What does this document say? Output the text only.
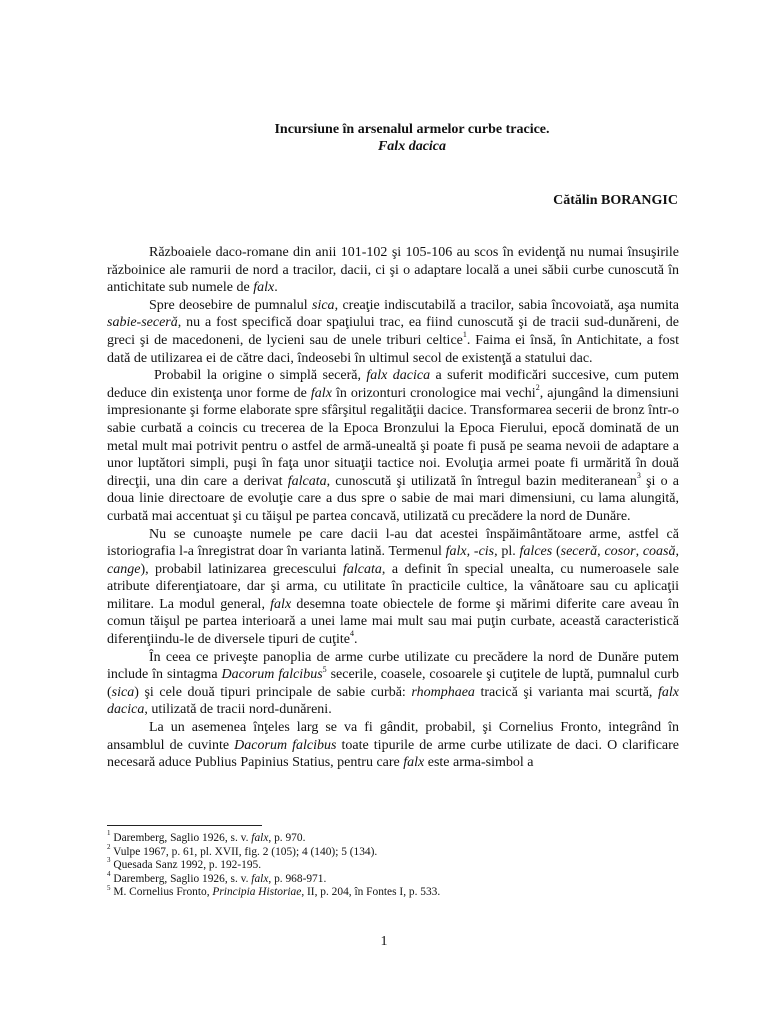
Incursiune în arsenalul armelor curbe tracice.
Falx dacica
Cătălin BORANGIC

Războaiele daco-romane din anii 101-102 şi 105-106 au scos în evidenţă nu numai însuşirile războinice ale ramurii de nord a tracilor, dacii, ci şi o adaptare locală a unei săbii curbe cunoscută în antichitate sub numele de falx.

Spre deosebire de pumnalul sica, creaţie indiscutabilă a tracilor, sabia încovoiată, aşa numita sabie-seceră, nu a fost specifică doar spaţiului trac, ea fiind cunoscută şi de tracii sud-dunăreni, de greci şi de macedoneni, de lycieni sau de unele triburi celtice$^1$. Faima ei însă, în Antichitate, a fost dată de utilizarea ei de către daci, îndeosebi în ultimul secol de existenţă a statului dac.

Probabil la origine o simplă seceră, falx dacica a suferit modificări succesive, cum putem deduce din existenţa unor forme de falx în orizonturi cronologice mai vechi$^2$, ajungând la dimensiuni impresionante şi forme elaborate spre sfârşitul regalităţii dacice. Transformarea secerii de bronz într-o sabie curbată a coincis cu trecerea de la Epoca Bronzului la Epoca Fierului, epocă dominată de un metal mult mai potrivit pentru o astfel de armă-unealtă şi poate fi pusă pe seama nevoii de adaptare a unor luptători simpli, puşi în faţa unor situaţii tactice noi. Evoluţia armei poate fi urmărită în două direcţii, una din care a derivat falcata, cunoscută şi utilizată în întregul bazin mediteranean$^3$ şi o a doua linie directoare de evoluţie care a dus spre o sabie de mai mari dimensiuni, cu lama alungită, curbată mai accentuat şi cu tăişul pe partea concavă, utilizată cu precădere la nord de Dunăre.

Nu se cunoaşte numele pe care dacii l-au dat acestei înspăimântătoare arme, astfel că istoriografia l-a înregistrat doar în varianta latină. Termenul falx, -cis, pl. falces (seceră, cosor, coasă, cange), probabil latinizarea grecescului falcata, a definit în special unealta, cu numeroasele sale atribute diferenţiatoare, dar şi arma, cu utilitate în practicile cultice, la vânătoare sau cu aplicaţii militare. La modul general, falx desemna toate obiectele de forme şi mărimi diferite care aveau în comun tăişul pe partea interioară a unei lame mai mult sau mai puţin curbate, această caracteristică diferenţiindu-le de diversele tipuri de cuţite$^4$.

În ceea ce priveşte panoplia de arme curbe utilizate cu precădere la nord de Dunăre putem include în sintagma Dacorum falcibus$^5$ secerile, coasele, cosoarele şi cuţitele de luptă, pumnalul curb (sica) şi cele două tipuri principale de sabie curbă: rhomphaea tracică şi varianta mai scurtă, falx dacica, utilizată de tracii nord-dunăreni.

La un asemenea înţeles larg se va fi gândit, probabil, şi Cornelius Fronto, integrând în ansamblul de cuvinte Dacorum falcibus toate tipurile de arme curbe utilizate de daci. O clarificare necesară aduce Publius Papinius Statius, pentru care falx este arma-simbol a

$^1$ Daremberg, Saglio 1926, s. v. falx, p. 970.
$^2$ Vulpe 1967, p. 61, pl. XVII, fig. 2 (105); 4 (140); 5 (134).
$^3$ Quesada Sanz 1992, p. 192-195.
$^4$ Daremberg, Saglio 1926, s. v. falx, p. 968-971.
$^5$ M. Cornelius Fronto, Principia Historiae, II, p. 204, în Fontes I, p. 533.
1
